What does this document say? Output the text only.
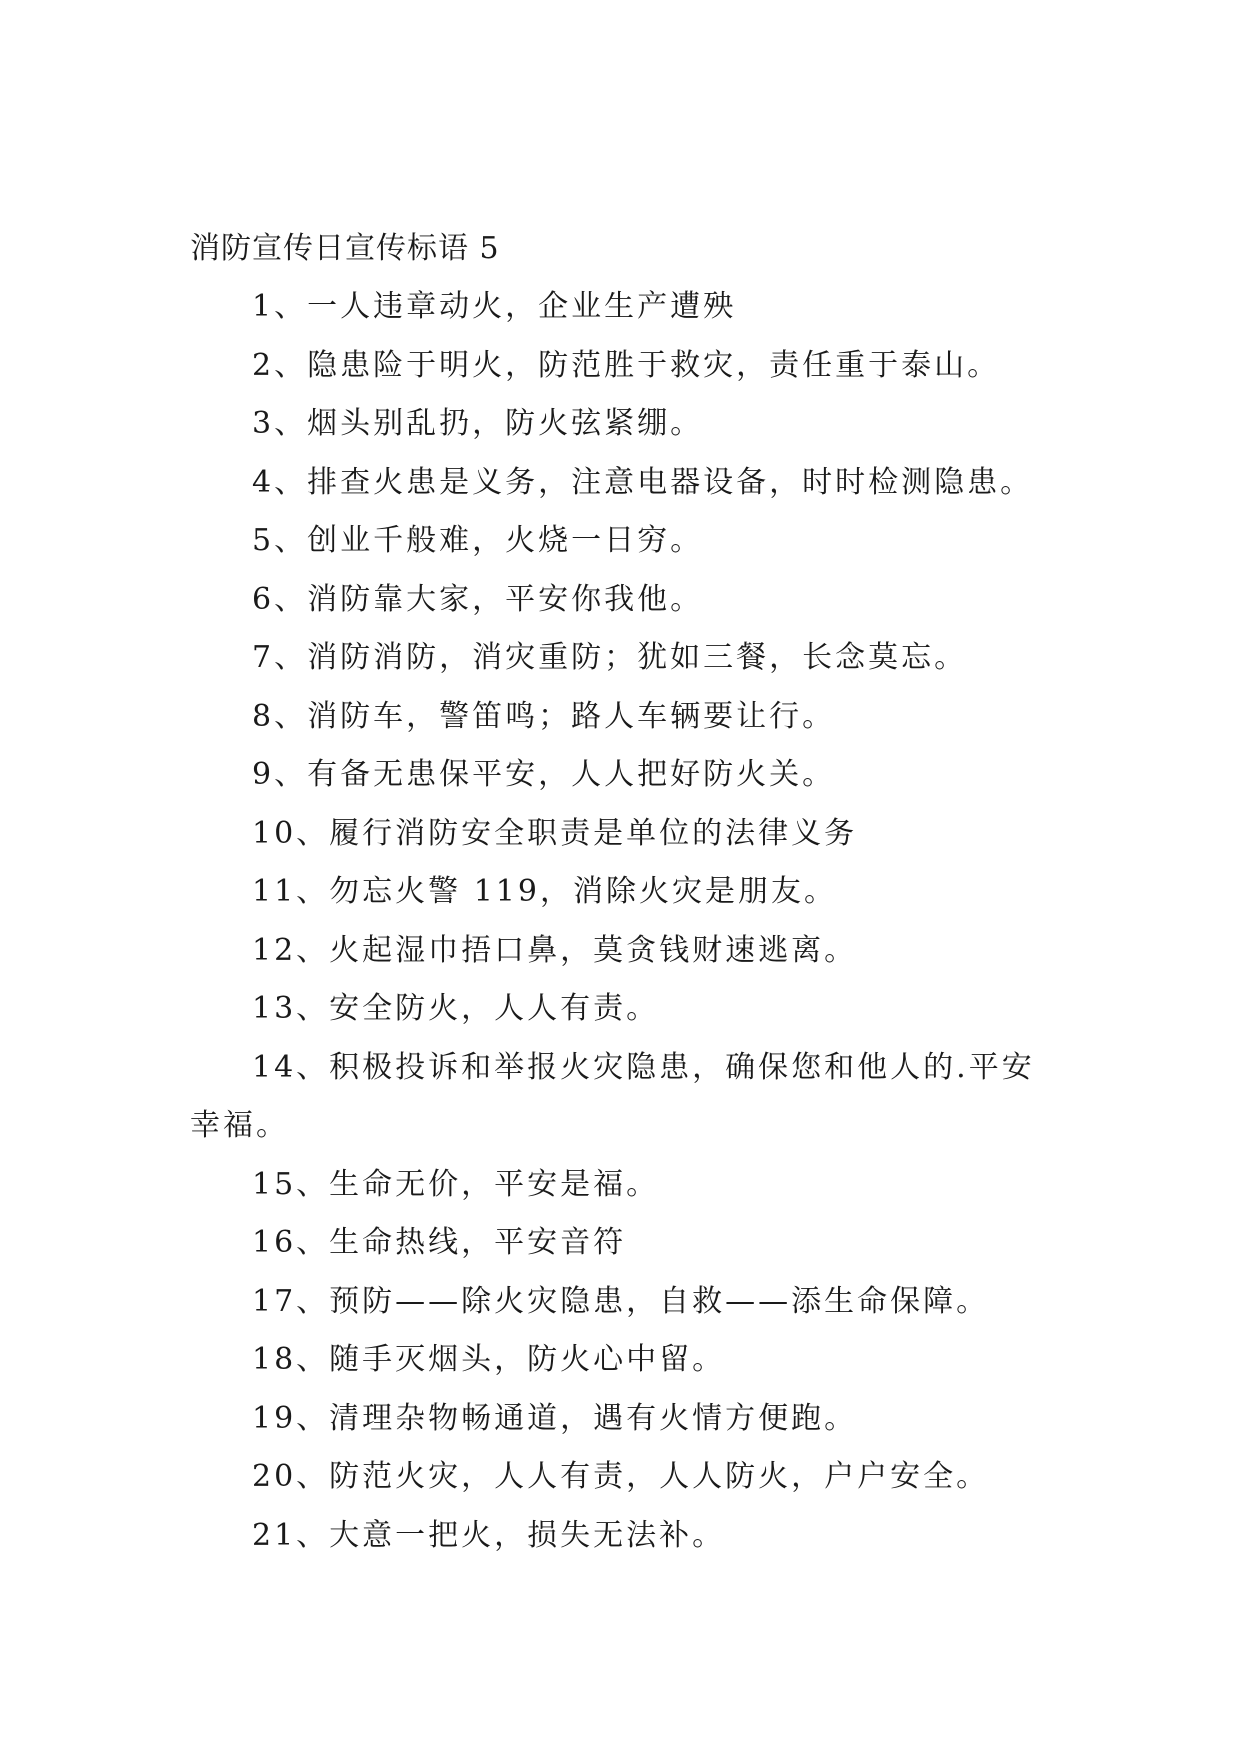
消防宣传日宣传标语 5

1、一人违章动火，企业生产遭殃
2、隐患险于明火，防范胜于救灾，责任重于泰山。
3、烟头别乱扔，防火弦紧绷。
4、排查火患是义务，注意电器设备，时时检测隐患。
5、创业千般难，火烧一日穷。
6、消防靠大家，平安你我他。
7、消防消防，消灾重防；犹如三餐，长念莫忘。
8、消防车，警笛鸣；路人车辆要让行。
9、有备无患保平安，人人把好防火关。
10、履行消防安全职责是单位的法律义务
11、勿忘火警 119，消除火灾是朋友。
12、火起湿巾捂口鼻，莫贪钱财速逃离。
13、安全防火，人人有责。
14、积极投诉和举报火灾隐患，确保您和他人的.平安幸福。
15、生命无价，平安是福。
16、生命热线，平安音符
17、预防——除火灾隐患，自救——添生命保障。
18、随手灭烟头，防火心中留。
19、清理杂物畅通道，遇有火情方便跑。
20、防范火灾，人人有责，人人防火，户户安全。
21、大意一把火，损失无法补。
